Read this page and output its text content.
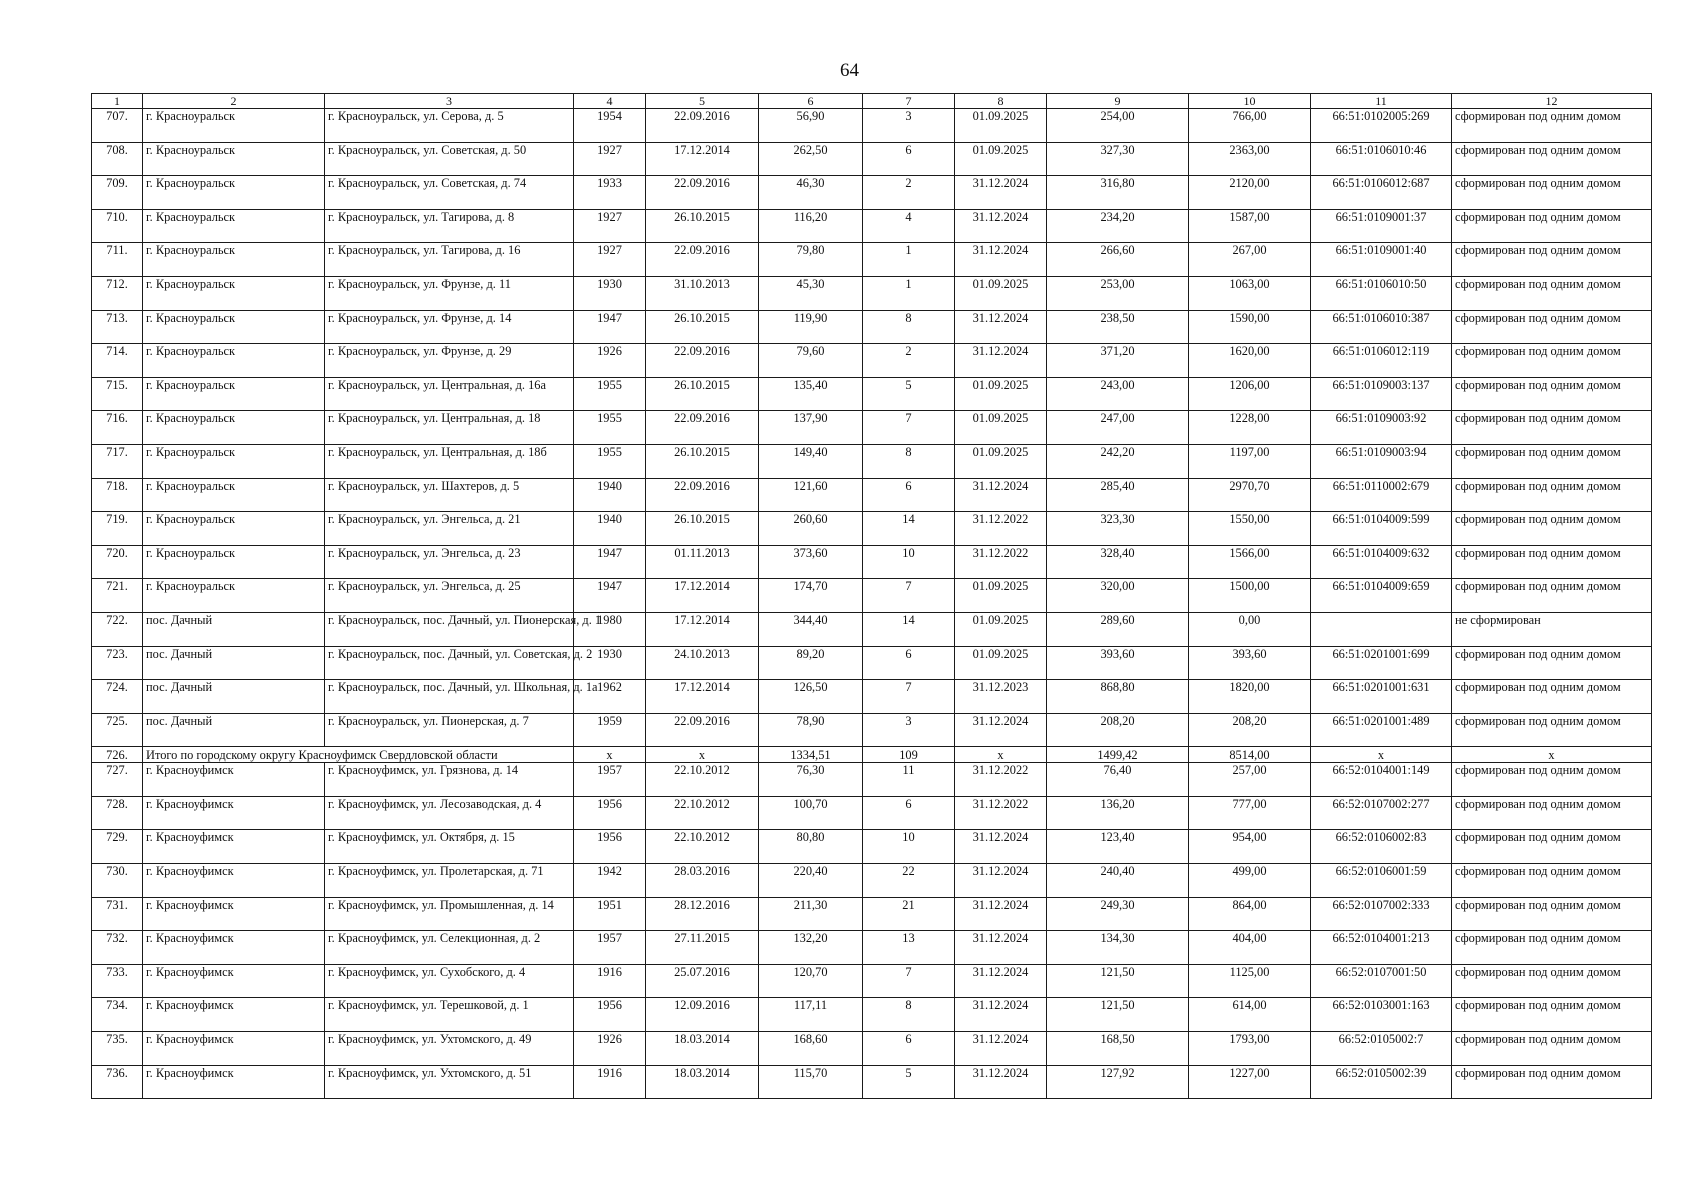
64
1	2	3	4	5	6	7	8	9	10	11	12
707.	г. Красноуральск	г. Красноуральск, ул. Серова, д. 5	1954	22.09.2016	56,90	3	01.09.2025	254,00	766,00	66:51:0102005:269	сформирован под одним домом
708.	г. Красноуральск	г. Красноуральск, ул. Советская, д. 50	1927	17.12.2014	262,50	6	01.09.2025	327,30	2363,00	66:51:0106010:46	сформирован под одним домом
709.	г. Красноуральск	г. Красноуральск, ул. Советская, д. 74	1933	22.09.2016	46,30	2	31.12.2024	316,80	2120,00	66:51:0106012:687	сформирован под одним домом
710.	г. Красноуральск	г. Красноуральск, ул. Тагирова, д. 8	1927	26.10.2015	116,20	4	31.12.2024	234,20	1587,00	66:51:0109001:37	сформирован под одним домом
711.	г. Красноуральск	г. Красноуральск, ул. Тагирова, д. 16	1927	22.09.2016	79,80	1	31.12.2024	266,60	267,00	66:51:0109001:40	сформирован под одним домом
712.	г. Красноуральск	г. Красноуральск, ул. Фрунзе, д. 11	1930	31.10.2013	45,30	1	01.09.2025	253,00	1063,00	66:51:0106010:50	сформирован под одним домом
713.	г. Красноуральск	г. Красноуральск, ул. Фрунзе, д. 14	1947	26.10.2015	119,90	8	31.12.2024	238,50	1590,00	66:51:0106010:387	сформирован под одним домом
714.	г. Красноуральск	г. Красноуральск, ул. Фрунзе, д. 29	1926	22.09.2016	79,60	2	31.12.2024	371,20	1620,00	66:51:0106012:119	сформирован под одним домом
715.	г. Красноуральск	г. Красноуральск, ул. Центральная, д. 16а	1955	26.10.2015	135,40	5	01.09.2025	243,00	1206,00	66:51:0109003:137	сформирован под одним домом
716.	г. Красноуральск	г. Красноуральск, ул. Центральная, д. 18	1955	22.09.2016	137,90	7	01.09.2025	247,00	1228,00	66:51:0109003:92	сформирован под одним домом
717.	г. Красноуральск	г. Красноуральск, ул. Центральная, д. 18б	1955	26.10.2015	149,40	8	01.09.2025	242,20	1197,00	66:51:0109003:94	сформирован под одним домом
718.	г. Красноуральск	г. Красноуральск, ул. Шахтеров, д. 5	1940	22.09.2016	121,60	6	31.12.2024	285,40	2970,70	66:51:0110002:679	сформирован под одним домом
719.	г. Красноуральск	г. Красноуральск, ул. Энгельса, д. 21	1940	26.10.2015	260,60	14	31.12.2022	323,30	1550,00	66:51:0104009:599	сформирован под одним домом
720.	г. Красноуральск	г. Красноуральск, ул. Энгельса, д. 23	1947	01.11.2013	373,60	10	31.12.2022	328,40	1566,00	66:51:0104009:632	сформирован под одним домом
721.	г. Красноуральск	г. Красноуральск, ул. Энгельса, д. 25	1947	17.12.2014	174,70	7	01.09.2025	320,00	1500,00	66:51:0104009:659	сформирован под одним домом
722.	пос. Дачный	г. Красноуральск, пос. Дачный, ул. Пионерская, д. 1	1980	17.12.2014	344,40	14	01.09.2025	289,60	0,00		не сформирован
723.	пос. Дачный	г. Красноуральск, пос. Дачный, ул. Советская, д. 2	1930	24.10.2013	89,20	6	01.09.2025	393,60	393,60	66:51:0201001:699	сформирован под одним домом
724.	пос. Дачный	г. Красноуральск, пос. Дачный, ул. Школьная, д. 1а	1962	17.12.2014	126,50	7	31.12.2023	868,80	1820,00	66:51:0201001:631	сформирован под одним домом
725.	пос. Дачный	г. Красноуральск, ул. Пионерская, д. 7	1959	22.09.2016	78,90	3	31.12.2024	208,20	208,20	66:51:0201001:489	сформирован под одним домом
726.	Итого по городскому округу Красноуфимск Свердловской области		x	x	1334,51	109	x	1499,42	8514,00	x	x
727.	г. Красноуфимск	г. Красноуфимск, ул. Грязнова, д. 14	1957	22.10.2012	76,30	11	31.12.2022	76,40	257,00	66:52:0104001:149	сформирован под одним домом
728.	г. Красноуфимск	г. Красноуфимск, ул. Лесозаводская, д. 4	1956	22.10.2012	100,70	6	31.12.2022	136,20	777,00	66:52:0107002:277	сформирован под одним домом
729.	г. Красноуфимск	г. Красноуфимск, ул. Октября, д. 15	1956	22.10.2012	80,80	10	31.12.2024	123,40	954,00	66:52:0106002:83	сформирован под одним домом
730.	г. Красноуфимск	г. Красноуфимск, ул. Пролетарская, д. 71	1942	28.03.2016	220,40	22	31.12.2024	240,40	499,00	66:52:0106001:59	сформирован под одним домом
731.	г. Красноуфимск	г. Красноуфимск, ул. Промышленная, д. 14	1951	28.12.2016	211,30	21	31.12.2024	249,30	864,00	66:52:0107002:333	сформирован под одним домом
732.	г. Красноуфимск	г. Красноуфимск, ул. Селекционная, д. 2	1957	27.11.2015	132,20	13	31.12.2024	134,30	404,00	66:52:0104001:213	сформирован под одним домом
733.	г. Красноуфимск	г. Красноуфимск, ул. Сухобского, д. 4	1916	25.07.2016	120,70	7	31.12.2024	121,50	1125,00	66:52:0107001:50	сформирован под одним домом
734.	г. Красноуфимск	г. Красноуфимск, ул. Терешковой, д. 1	1956	12.09.2016	117,11	8	31.12.2024	121,50	614,00	66:52:0103001:163	сформирован под одним домом
735.	г. Красноуфимск	г. Красноуфимск, ул. Ухтомского, д. 49	1926	18.03.2014	168,60	6	31.12.2024	168,50	1793,00	66:52:0105002:7	сформирован под одним домом
736.	г. Красноуфимск	г. Красноуфимск, ул. Ухтомского, д. 51	1916	18.03.2014	115,70	5	31.12.2024	127,92	1227,00	66:52:0105002:39	сформирован под одним домом
